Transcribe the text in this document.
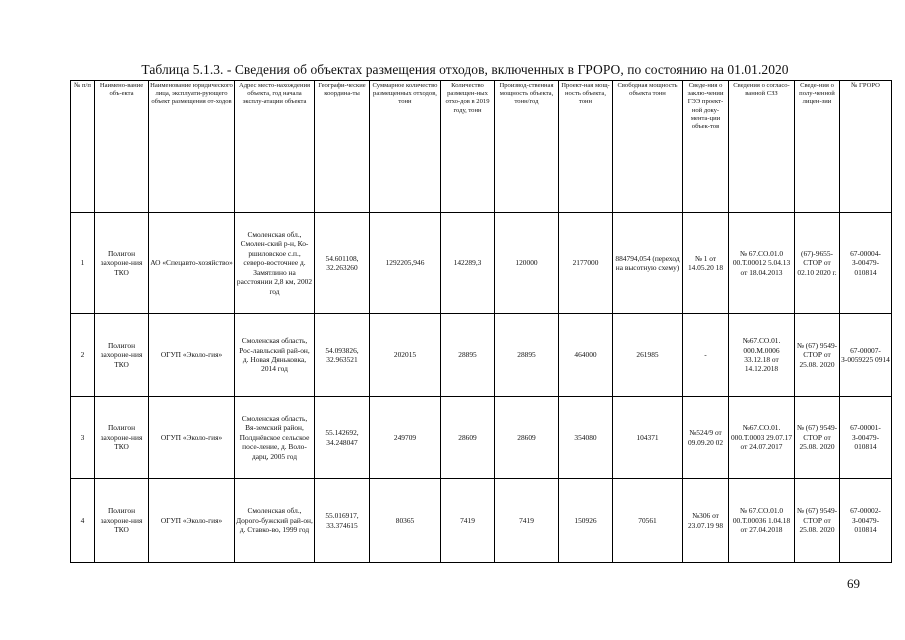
Таблица 5.1.3. - Сведения об объектах размещения отходов, включенных в ГРОРО, по состоянию на 01.01.2020
№ п/п	Наимено-вание объ-екта	Наименование юридического лица, эксплуати-рующего объект размещения от-ходов	Адрес место-нахождения объекта, год начала эксплу-атации объекта	Географи-ческие координа-ты	Суммарное количество размещенных отходов, тонн	Количество размещен-ных отхо-дов в 2019 году, тонн	Производ-ственная мощность объекта, тонн/год	Проект-ная мощ-ность объекта, тонн	Свободная мощность объекта тонн	Сведе-ния о заклю-чении ГЭЭ проект-ной доку-мента-ции объек-тов	Сведения о согласо-ванной СЗЗ	Сведе-ния о полу-ченной лицен-зии	№ ГРОРО
1	Полигон захороне-ния ТКО	АО «Спецавто-хозяйство»	Смоленская обл., Смолен-ский р-н, Ко-ршиловское с.п., северо-восточнее д. Замятлино на расстоянии 2,8 км, 2002 год	54.601108, 32.263260	1292205,946	142289,3	120000	2177000	884794,054 (переход на высотную схему)	№ 1 от 14.05.20 18	№ 67.СО.01.0 00.Т.00012 5.04.13 от 18.04.2013	(67)-9655-СТОР от 02.10 2020 г.	67-00004-З-00479-010814
2	Полигон захороне-ния ТКО	ОГУП «Эколо-гия»	Смоленская область, Рос-лавльский рай-он, д. Новая Дяньковка, 2014 год	54.093826, 32.963521	202015	28895	28895	464000	261985	-	№67.СО.01. 000.М.0006 33.12.18 от 14.12.2018	№ (67) 9549-СТОР от 25.08. 2020	67-00007-З-0059225 0914
3	Полигон захороне-ния ТКО	ОГУП «Эколо-гия»	Смоленская область, Вя-земский район, Полднёвское сельское посе-ление, д. Воло-дарц, 2005 год	55.142692, 34.248047	249709	28609	28609	354080	104371	№524/9 от 09.09.20 02	№67.СО.01. 000.Т.0003 29.07.17 от 24.07.2017	№ (67) 9549-СТОР от 25.08. 2020	67-00001-З-00479-010814
4	Полигон захороне-ния ТКО	ОГУП «Эколо-гия»	Смоленская обл., Дорого-бужский рай-он, д. Ставко-во, 1999 год	55.016917, 33.374615	80365	7419	7419	150926	70561	№306 от 23.07.19 98	№ 67.СО.01.0 00.Т.00036 1.04.18 от 27.04.2018	№ (67) 9549-СТОР от 25.08. 2020	67-00002-З-00479-010814
69
